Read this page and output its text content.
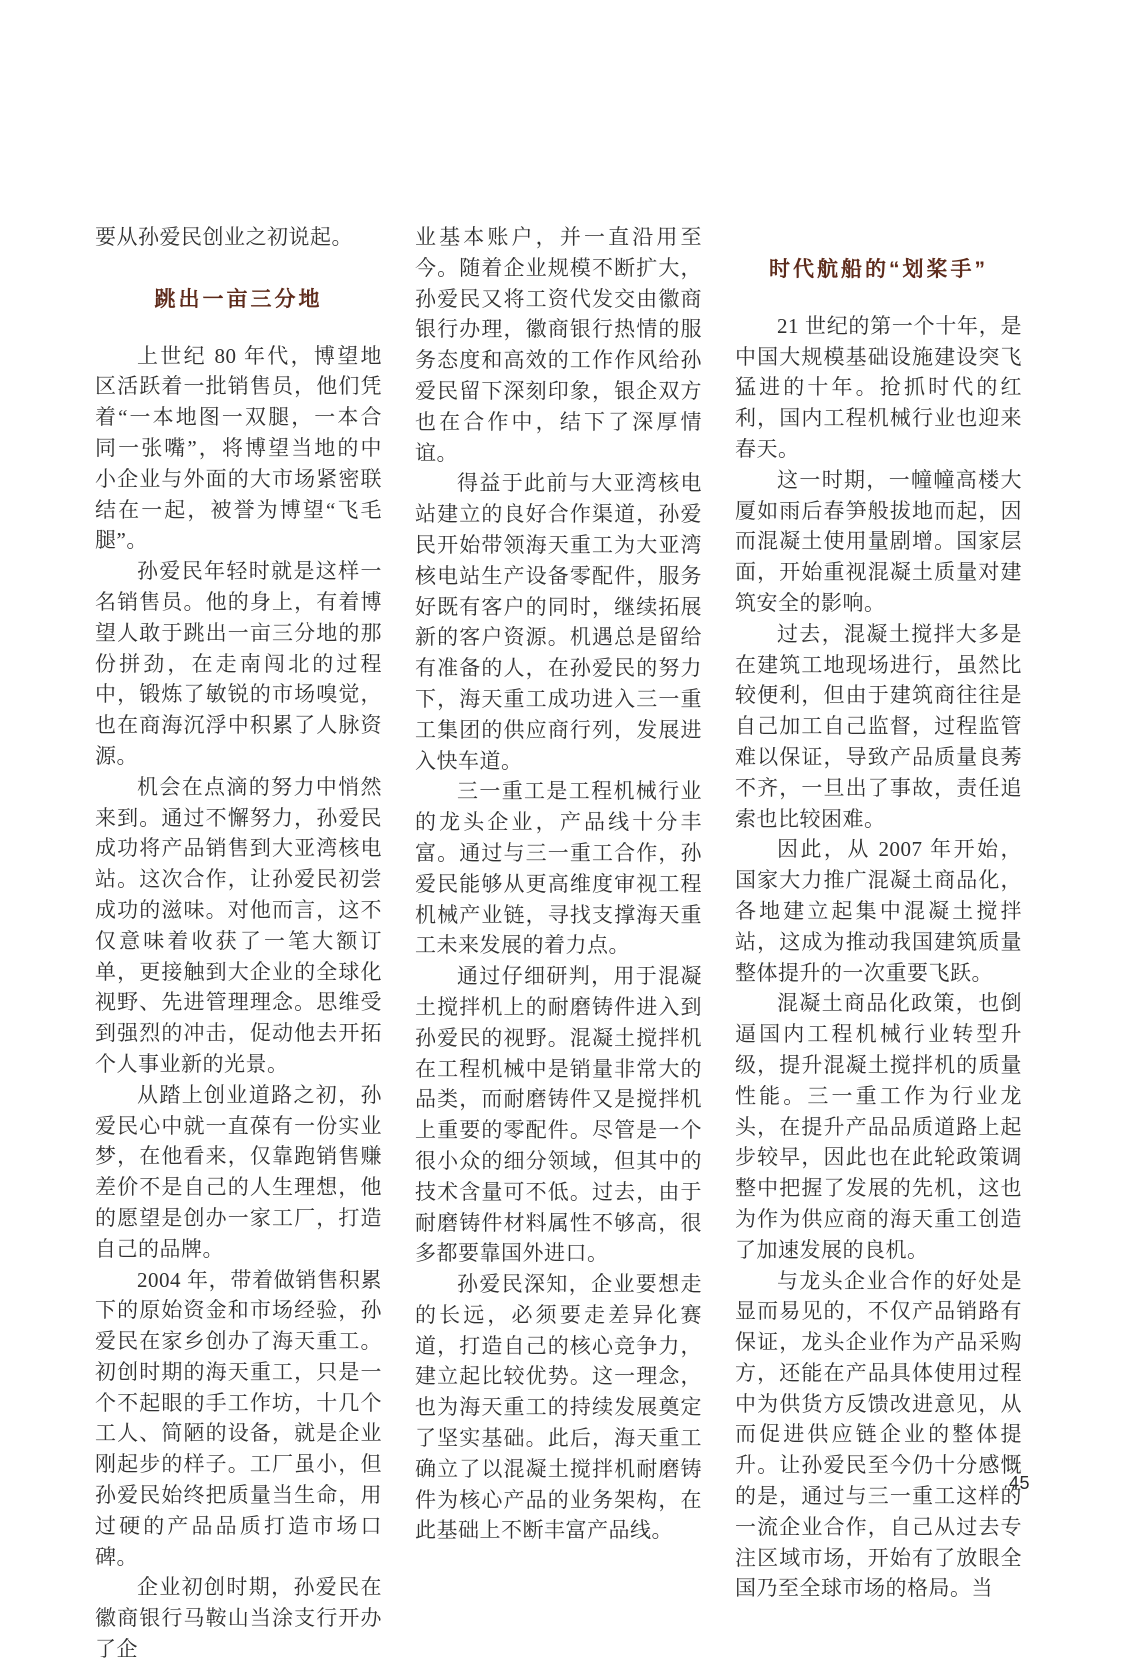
要从孙爱民创业之初说起。

跳出一亩三分地

上世纪 80 年代，博望地区活跃着一批销售员，他们凭着“一本地图一双腿，一本合同一张嘴”，将博望当地的中小企业与外面的大市场紧密联结在一起，被誉为博望“飞毛腿”。

孙爱民年轻时就是这样一名销售员。他的身上，有着博望人敢于跳出一亩三分地的那份拼劲，在走南闯北的过程中，锻炼了敏锐的市场嗅觉，也在商海沉浮中积累了人脉资源。

机会在点滴的努力中悄然来到。通过不懈努力，孙爱民成功将产品销售到大亚湾核电站。这次合作，让孙爱民初尝成功的滋味。对他而言，这不仅意味着收获了一笔大额订单，更接触到大企业的全球化视野、先进管理理念。思维受到强烈的冲击，促动他去开拓个人事业新的光景。

从踏上创业道路之初，孙爱民心中就一直葆有一份实业梦，在他看来，仅靠跑销售赚差价不是自己的人生理想，他的愿望是创办一家工厂，打造自己的品牌。

2004 年，带着做销售积累下的原始资金和市场经验，孙爱民在家乡创办了海天重工。初创时期的海天重工，只是一个不起眼的手工作坊，十几个工人、简陋的设备，就是企业刚起步的样子。工厂虽小，但孙爱民始终把质量当生命，用过硬的产品品质打造市场口碑。

企业初创时期，孙爱民在徽商银行马鞍山当涂支行开办了企

业基本账户，并一直沿用至今。随着企业规模不断扩大，孙爱民又将工资代发交由徽商银行办理，徽商银行热情的服务态度和高效的工作作风给孙爱民留下深刻印象，银企双方也在合作中，结下了深厚情谊。

得益于此前与大亚湾核电站建立的良好合作渠道，孙爱民开始带领海天重工为大亚湾核电站生产设备零配件，服务好既有客户的同时，继续拓展新的客户资源。机遇总是留给有准备的人，在孙爱民的努力下，海天重工成功进入三一重工集团的供应商行列，发展进入快车道。

三一重工是工程机械行业的龙头企业，产品线十分丰富。通过与三一重工合作，孙爱民能够从更高维度审视工程机械产业链，寻找支撑海天重工未来发展的着力点。

通过仔细研判，用于混凝土搅拌机上的耐磨铸件进入到孙爱民的视野。混凝土搅拌机在工程机械中是销量非常大的品类，而耐磨铸件又是搅拌机上重要的零配件。尽管是一个很小众的细分领域，但其中的技术含量可不低。过去，由于耐磨铸件材料属性不够高，很多都要靠国外进口。

孙爱民深知，企业要想走的长远，必须要走差异化赛道，打造自己的核心竞争力，建立起比较优势。这一理念，也为海天重工的持续发展奠定了坚实基础。此后，海天重工确立了以混凝土搅拌机耐磨铸件为核心产品的业务架构，在此基础上不断丰富产品线。

时代航船的“划桨手”

21 世纪的第一个十年，是中国大规模基础设施建设突飞猛进的十年。抢抓时代的红利，国内工程机械行业也迎来春天。

这一时期，一幢幢高楼大厦如雨后春笋般拔地而起，因而混凝土使用量剧增。国家层面，开始重视混凝土质量对建筑安全的影响。

过去，混凝土搅拌大多是在建筑工地现场进行，虽然比较便利，但由于建筑商往往是自己加工自己监督，过程监管难以保证，导致产品质量良莠不齐，一旦出了事故，责任追索也比较困难。

因此，从 2007 年开始，国家大力推广混凝土商品化，各地建立起集中混凝土搅拌站，这成为推动我国建筑质量整体提升的一次重要飞跃。

混凝土商品化政策，也倒逼国内工程机械行业转型升级，提升混凝土搅拌机的质量性能。三一重工作为行业龙头，在提升产品品质道路上起步较早，因此也在此轮政策调整中把握了发展的先机，这也为作为供应商的海天重工创造了加速发展的良机。

与龙头企业合作的好处是显而易见的，不仅产品销路有保证，龙头企业作为产品采购方，还能在产品具体使用过程中为供货方反馈改进意见，从而促进供应链企业的整体提升。让孙爱民至今仍十分感慨的是，通过与三一重工这样的一流企业合作，自己从过去专注区域市场，开始有了放眼全国乃至全球市场的格局。当

45
